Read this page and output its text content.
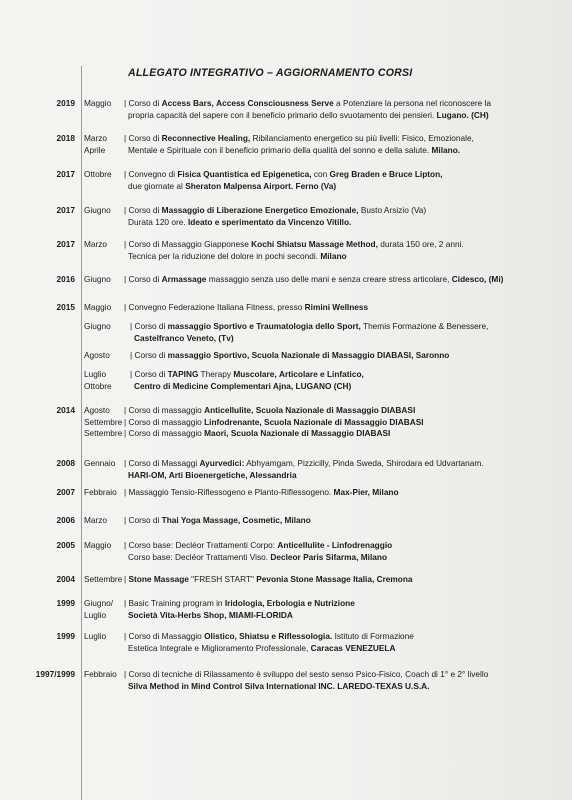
ALLEGATO INTEGRATIVO – AGGIORNAMENTO CORSI
2019 Maggio | Corso di Access Bars, Access Consciousness Serve a Potenziare la persona nel riconoscere la
propria capacità del sapere con il beneficio primario dello svuotamento dei pensieri. Lugano. (CH)
2018 Marzo
Aprile
| Corso di Reconnective Healing, Ribilanciamento energetico su più livelli: Fisico, Emozionale,
Mentale e Spirituale con il beneficio primario della qualità del sonno e della salute. Milano.
2017 Ottobre | Convegno di Fisica Quantistica ed Epigenetica, con Greg Braden e Bruce Lipton,
due giornate al Sheraton Malpensa Airport. Ferno (Va)
2017 Giugno | Corso di Massaggio di Liberazione Energetico Emozionale, Busto Arsizio (Va)
Durata 120 ore. Ideato e sperimentato da Vincenzo Vitillo.
2017 Marzo | Corso di Massaggio Giapponese Kochi Shiatsu Massage Method, durata 150 ore, 2 anni.
Tecnica per la riduzione del dolore in pochi secondi. Milano
2016 Giugno | Corso di Armassage massaggio senza uso delle mani e senza creare stress articolare, Cidesco, (Mi)
2015 Maggio | Convegno Federazione Italiana Fitness, presso Rimini Wellness
Giugno | Corso di massaggio Sportivo e Traumatologia dello Sport, Themis Formazione & Benessere,
Castelfranco Veneto, (Tv)
Agosto | Corso di massaggio Sportivo, Scuola Nazionale di Massaggio DIABASI, Saronno
Luglio
Ottobre
| Corso di TAPING Therapy Muscolare, Articolare e Linfatico,
Centro di Medicine Complementari Ajna, LUGANO (CH)
2014 Agosto
Settembre
Settembre
| Corso di massaggio Anticellulite, Scuola Nazionale di Massaggio DIABASI
| Corso di massaggio Linfodrenante, Scuola Nazionale di Massaggio DIABASI
| Corso di massaggio Maori, Scuola Nazionale di Massaggio DIABASI
2008 Gennaio | Corso di Massaggi Ayurvedici: Abhyamgam, Pizzicilly, Pinda Sweda, Shirodara ed Udvartanam.
HARI-OM, Arti Bioenergetiche, Alessandria
2007 Febbraio | Massaggio Tensio-Riflessogeno e Planto-Riflessogeno. Max-Pier, Milano
2006 Marzo | Corso di Thai Yoga Massage, Cosmetic, Milano
2005 Maggio | Corso base: Decléor Trattamenti Corpo: Anticellulite - Linfodrenaggio
Corso base: Decléor Trattamenti Viso. Decleor Paris Sifarma, Milano
2004 Settembre | Stone Massage "FRESH START" Pevonia Stone Massage Italia, Cremona
1999 Giugno/
Luglio
| Basic Training program in Iridologia, Erbologia e Nutrizione
Società Vita-Herbs Shop, MIAMI-FLORIDA
1999 Luglio | Corso di Massaggio Olistico, Shiatsu e Riflessologia. Istituto di Formazione
Estetica Integrale e Miglioramento Professionale, Caracas VENEZUELA
1997/1999 Febbraio | Corso di tecniche di Rilassamento è sviluppo del sesto senso Psico-Fisico, Coach di 1° e 2° livello
Silva Method in Mind Control Silva International INC. LAREDO-TEXAS U.S.A.
